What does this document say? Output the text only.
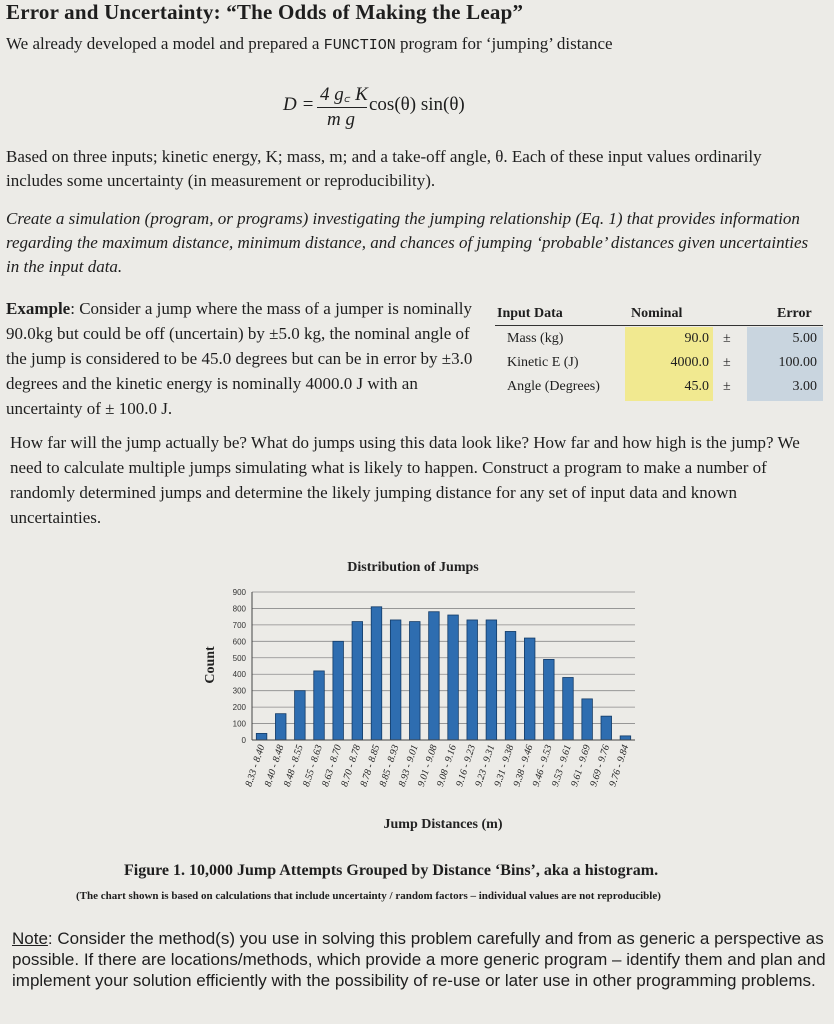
Error and Uncertainty: “The Odds of Making the Leap”

We already developed a model and prepared a FUNCTION program for ‘jumping’ distance

D = 4 g꜀ K
m g
cos(θ) sin(θ)

Based on three inputs; kinetic energy, K; mass, m; and a take-off angle, θ. Each of these input values ordinarily includes some uncertainty (in measurement or reproducibility).

Create a simulation (program, or programs) investigating the jumping relationship (Eq. 1) that provides information regarding the maximum distance, minimum distance, and chances of jumping ‘probable’ distances given uncertainties in the input data.

Example: Consider a jump where the mass of a jumper is nominally 90.0kg but could be off (uncertain) by ±5.0 kg, the nominal angle of the jump is considered to be 45.0 degrees but can be in error by ±3.0 degrees and the kinetic energy is nominally 4000.0 J with an uncertainty of ± 100.0 J.

Input Data	Nominal	Error
Mass (kg)	90.0 ±	5.00
Kinetic E (J)	4000.0 ±	100.00
Angle (Degrees)	45.0 ±	3.00

How far will the jump actually be? What do jumps using this data look like? How far and how high is the jump? We need to calculate multiple jumps simulating what is likely to happen. Construct a program to make a number of randomly determined jumps and determine the likely jumping distance for any set of input data and known uncertainties.

Distribution of Jumps
Count
Jump Distances (m)
0
100
200
300
400
500
600
700
800
900
8.33 - 8.40
8.40 - 8.48
8.48 - 8.55
8.55 - 8.63
8.63 - 8.70
8.70 - 8.78
8.78 - 8.85
8.85 - 8.93
8.93 - 9.01
9.01 - 9.08
9.08 - 9.16
9.16 - 9.23
9.23 - 9.31
9.31 - 9.38
9.38 - 9.46
9.46 - 9.53
9.53 - 9.61
9.61 - 9.69
9.69 - 9.76
9.76 - 9.84

Figure 1. 10,000 Jump Attempts Grouped by Distance ‘Bins’, aka a histogram.

(The chart shown is based on calculations that include uncertainty / random factors – individual values are not reproducible)

Note: Consider the method(s) you use in solving this problem carefully and from as generic a perspective as possible. If there are locations/methods, which provide a more generic program – identify them and plan and implement your solution efficiently with the possibility of re-use or later use in other programming problems.
